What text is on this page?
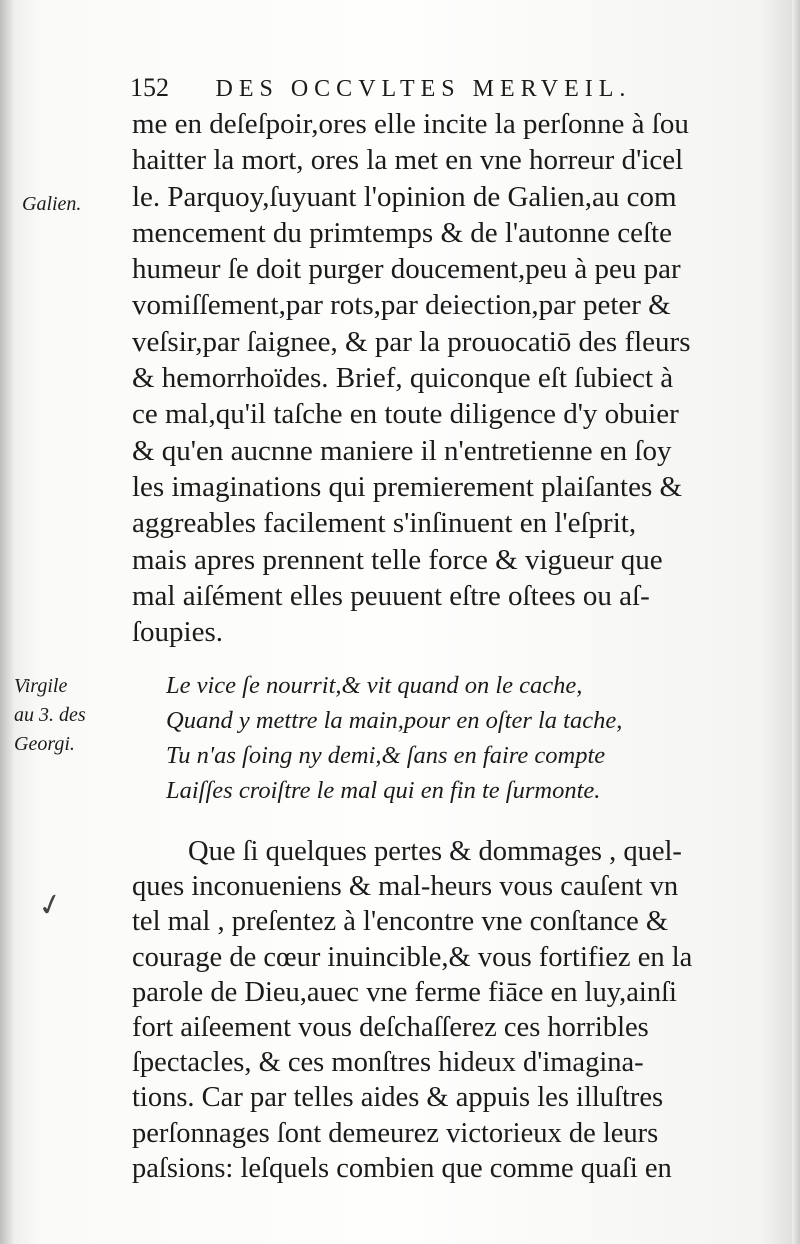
152 DES OCCVLTES MERVEIL.
Galien.
me en deſeſpoir,ores elle incite la perſonne à ſou
haitter la mort, ores la met en vne horreur d'icel
le. Parquoy,ſuyuant l'opinion de Galien,au com
mencement du primtemps & de l'autonne ceſte
humeur ſe doit purger doucement,peu à peu par
vomiſſement,par rots,par deiection,par peter &
veſsir,par ſaignee, & par la prouocatiō des fleurs
& hemorrhoïdes. Brief, quiconque eſt ſubiect à
ce mal,qu'il taſche en toute diligence d'y obuier
& qu'en aucnne maniere il n'entretienne en ſoy
les imaginations qui premierement plaiſantes &
aggreables facilement s'inſinuent en l'eſprit,
mais apres prennent telle force & vigueur que
mal aiſément elles peuuent eſtre oſtees ou aſ-
ſoupies.
Virgile
au 3. des
Georgi.
Le vice ſe nourrit,& vit quand on le cache,
Quand y mettre la main,pour en oſter la tache,
Tu n'as ſoing ny demi,& ſans en faire compte
Laiſſes croiſtre le mal qui en fin te ſurmonte.
✓
Que ſi quelques pertes & dommages , quel-
ques inconueniens & mal-heurs vous cauſent vn
tel mal , preſentez à l'encontre vne conſtance &
courage de cœur inuincible,& vous fortifiez en la
parole de Dieu,auec vne ferme fiāce en luy,ainſi
fort aiſeement vous deſchaſſerez ces horribles
ſpectacles, & ces monſtres hideux d'imagina-
tions. Car par telles aides & appuis les illuſtres
perſonnages ſont demeurez victorieux de leurs
paſsions: leſquels combien que comme quaſi en
